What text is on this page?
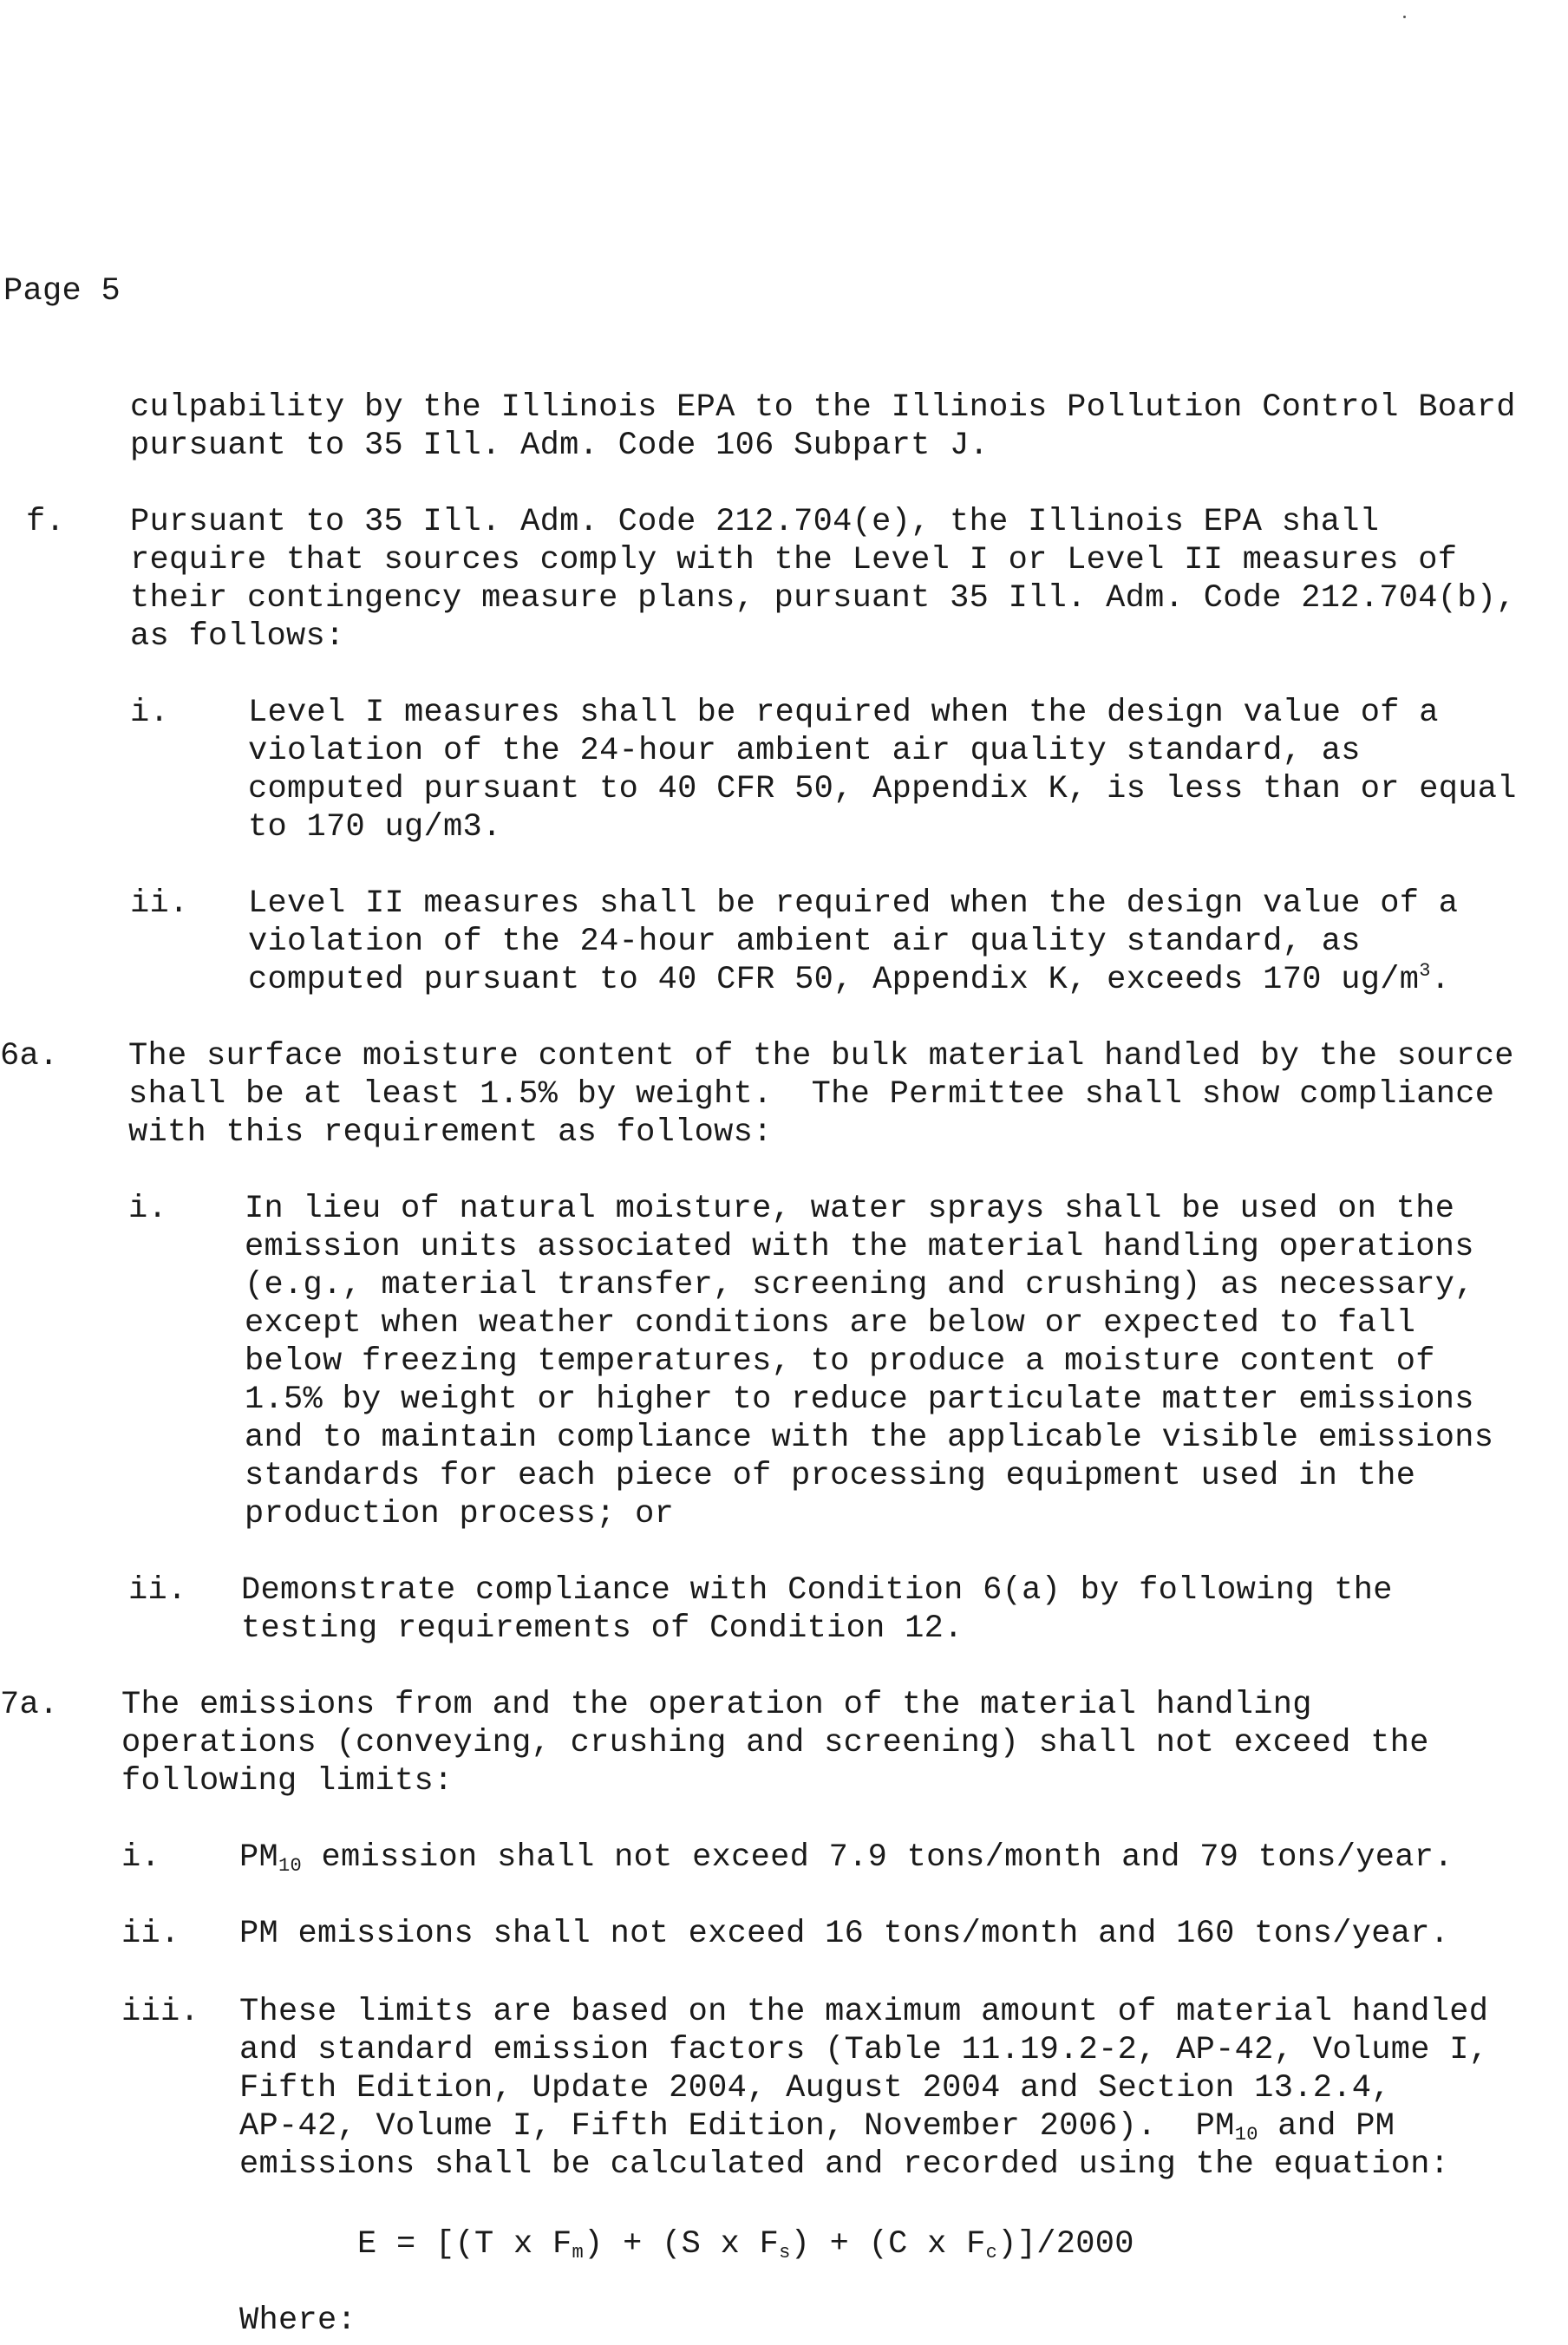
Page 5
culpability by the Illinois EPA to the Illinois Pollution Control Board
pursuant to 35 Ill. Adm. Code 106 Subpart J.
f. Pursuant to 35 Ill. Adm. Code 212.704(e), the Illinois EPA shall
require that sources comply with the Level I or Level II measures of
their contingency measure plans, pursuant 35 Ill. Adm. Code 212.704(b),
as follows:
i. Level I measures shall be required when the design value of a
violation of the 24-hour ambient air quality standard, as
computed pursuant to 40 CFR 50, Appendix K, is less than or equal
to 170 ug/m3.
ii. Level II measures shall be required when the design value of a
violation of the 24-hour ambient air quality standard, as
computed pursuant to 40 CFR 50, Appendix K, exceeds 170 $ug/m^3$.
6a. The surface moisture content of the bulk material handled by the source
shall be at least 1.5% by weight.  The Permittee shall show compliance
with this requirement as follows:
i. In lieu of natural moisture, water sprays shall be used on the
emission units associated with the material handling operations
(e.g., material transfer, screening and crushing) as necessary,
except when weather conditions are below or expected to fall
below freezing temperatures, to produce a moisture content of
1.5% by weight or higher to reduce particulate matter emissions
and to maintain compliance with the applicable visible emissions
standards for each piece of processing equipment used in the
production process; or
ii. Demonstrate compliance with Condition 6(a) by following the
testing requirements of Condition 12.
7a. The emissions from and the operation of the material handling
operations (conveying, crushing and screening) shall not exceed the
following limits:
i. $PM_{10}$ emission shall not exceed 7.9 tons/month and 79 tons/year.
ii. PM emissions shall not exceed 16 tons/month and 160 tons/year.
iii. These limits are based on the maximum amount of material handled
and standard emission factors (Table 11.19.2-2, AP-42, Volume I,
Fifth Edition, Update 2004, August 2004 and Section 13.2.4,
AP-42, Volume I, Fifth Edition, November 2006).  $PM_{10}$ and PM
emissions shall be calculated and recorded using the equation:
E = [(T x $F_m) + (S$ x $F_s) + (C$ x $F_c)]/2000$
Where:
